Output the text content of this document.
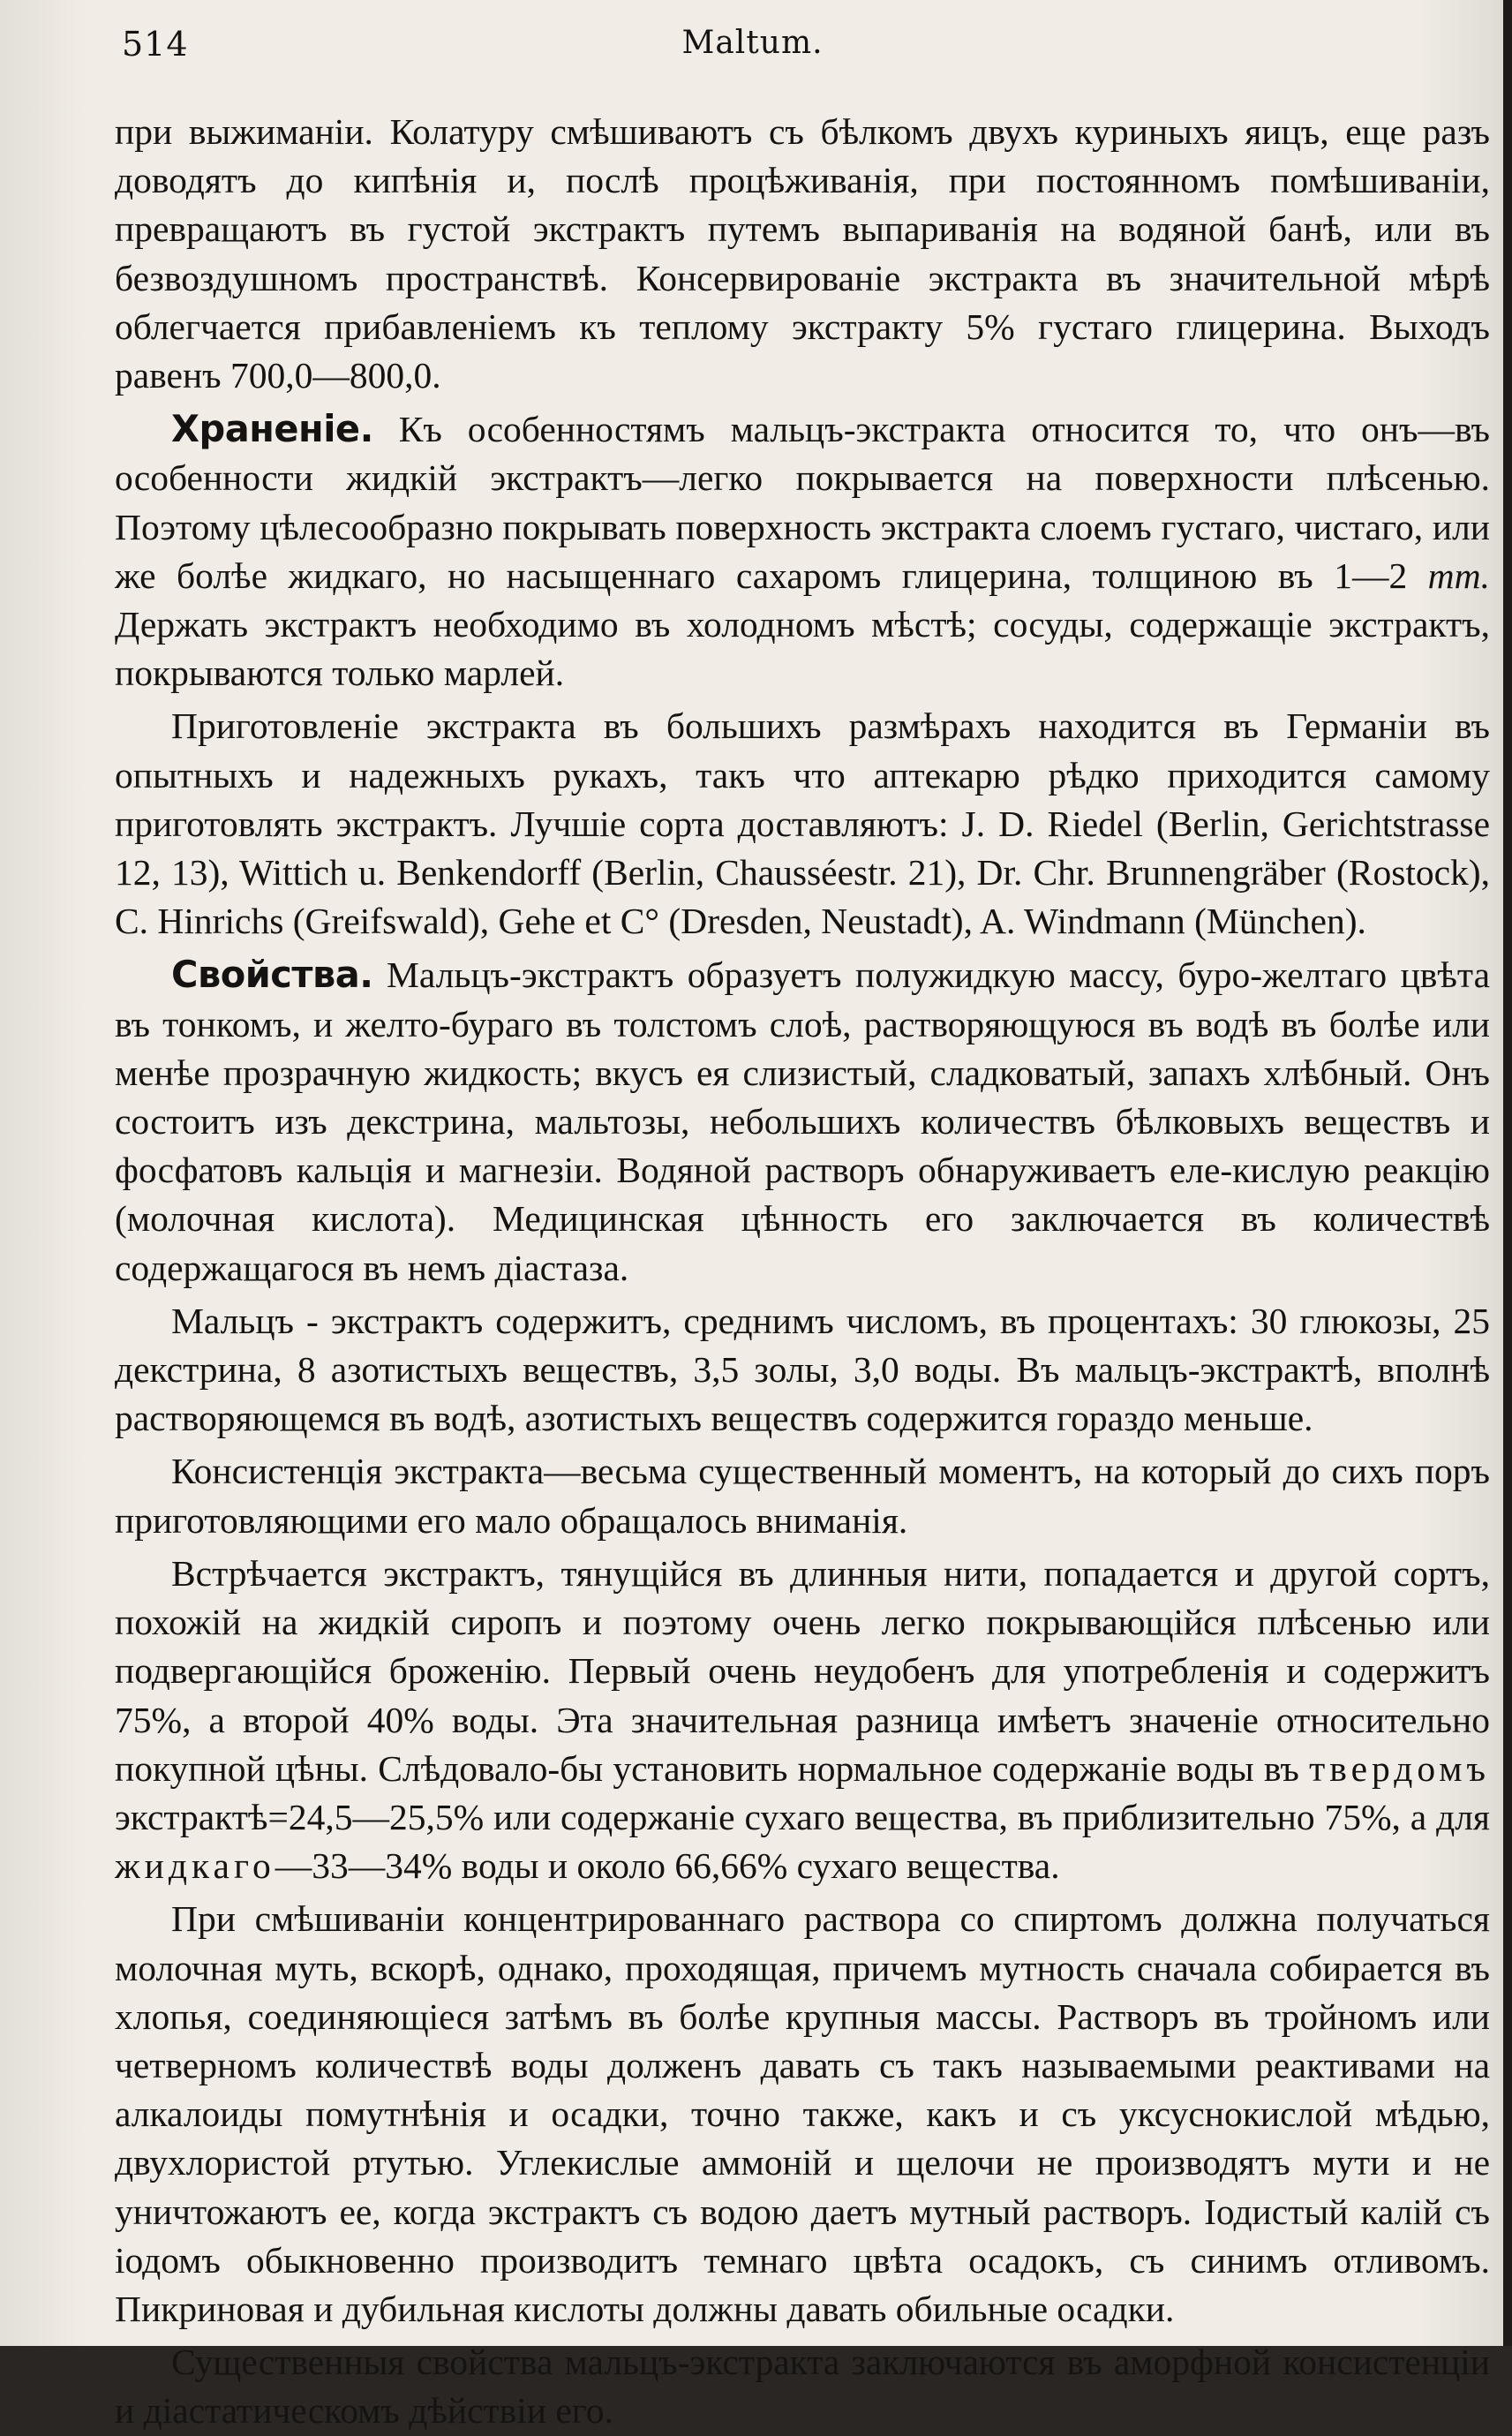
514	Maltum.

при выжиманіи. Колатуру смѣшиваютъ съ бѣлкомъ двухъ куриныхъ яицъ, еще разъ доводятъ до кипѣнія и, послѣ процѣживанія, при постоянномъ помѣшиваніи, превращаютъ въ густой экстрактъ путемъ выпариванія на водяной банѣ, или въ безвоздушномъ пространствѣ. Консервированіе экстракта въ значительной мѣрѣ облегчается прибавленіемъ къ теплому экстракту 5% густаго глицерина. Выходъ равенъ 700,0—800,0.

Храненіе. Къ особенностямъ мальцъ-экстракта относится то, что онъ—въ особенности жидкій экстрактъ—легко покрывается на поверхности плѣсенью. Поэтому цѣлесообразно покрывать поверхность экстракта слоемъ густаго, чистаго, или же болѣе жидкаго, но насыщеннаго сахаромъ глицерина, толщиною въ 1—2 mm. Держать экстрактъ необходимо въ холодномъ мѣстѣ; сосуды, содержащіе экстрактъ, покрываются только марлей.

Приготовленіе экстракта въ большихъ размѣрахъ находится въ Германіи въ опытныхъ и надежныхъ рукахъ, такъ что аптекарю рѣдко приходится самому приготовлять экстрактъ. Лучшіе сорта доставляютъ: J. D. Riedel (Berlin, Gerichtstrasse 12, 13), Wittich u. Benkendorff (Berlin, Chausséestr. 21), Dr. Chr. Brunnengräber (Rostock), C. Hinrichs (Greifswald), Gehe et C° (Dresden, Neustadt), A. Windmann (München).

Свойства. Мальцъ-экстрактъ образуетъ полужидкую массу, буро-желтаго цвѣта въ тонкомъ, и желто-бураго въ толстомъ слоѣ, растворяющуюся въ водѣ въ болѣе или менѣе прозрачную жидкость; вкусъ ея слизистый, сладковатый, запахъ хлѣбный. Онъ состоитъ изъ декстрина, мальтозы, небольшихъ количествъ бѣлковыхъ веществъ и фосфатовъ кальція и магнезіи. Водяной растворъ обнаруживаетъ еле-кислую реакцію (молочная кислота). Медицинская цѣнность его заключается въ количествѣ содержащагося въ немъ діастаза.

Мальцъ - экстрактъ содержитъ, среднимъ числомъ, въ процентахъ: 30 глюкозы, 25 декстрина, 8 азотистыхъ веществъ, 3,5 золы, 3,0 воды. Въ мальцъ-экстрактѣ, вполнѣ растворяющемся въ водѣ, азотистыхъ веществъ содержится гораздо меньше.

Консистенція экстракта—весьма существенный моментъ, на который до сихъ поръ приготовляющими его мало обращалось вниманія.

Встрѣчается экстрактъ, тянущійся въ длинныя нити, попадается и другой сортъ, похожій на жидкій сиропъ и поэтому очень легко покрывающійся плѣсенью или подвергающійся броженію. Первый очень неудобенъ для употребленія и содержитъ 75%, а второй 40% воды. Эта значительная разница имѣетъ значеніе относительно покупной цѣны. Слѣдовало-бы установить нормальное содержаніе воды въ твердомъ экстрактѣ=24,5—25,5% или содержаніе сухаго вещества, въ приблизительно 75%, а для жидкаго—33—34% воды и около 66,66% сухаго вещества.

При смѣшиваніи концентрированнаго раствора со спиртомъ должна получаться молочная муть, вскорѣ, однако, проходящая, причемъ мутность сначала собирается въ хлопья, соединяющіеся затѣмъ въ болѣе крупныя массы. Растворъ въ тройномъ или четверномъ количествѣ воды долженъ давать съ такъ называемыми реактивами на алкалоиды помутнѣнія и осадки, точно также, какъ и съ уксуснокислой мѣдью, двухлористой ртутью. Углекислые аммоній и щелочи не производятъ мути и не уничтожаютъ ее, когда экстрактъ съ водою даетъ мутный растворъ. Іодистый калій съ іодомъ обыкновенно производитъ темнаго цвѣта осадокъ, съ синимъ отливомъ. Пикриновая и дубильная кислоты должны давать обильные осадки.

Существенныя свойства мальцъ-экстракта заключаются въ аморфной консистенціи и діастатическомъ дѣйствіи его.
